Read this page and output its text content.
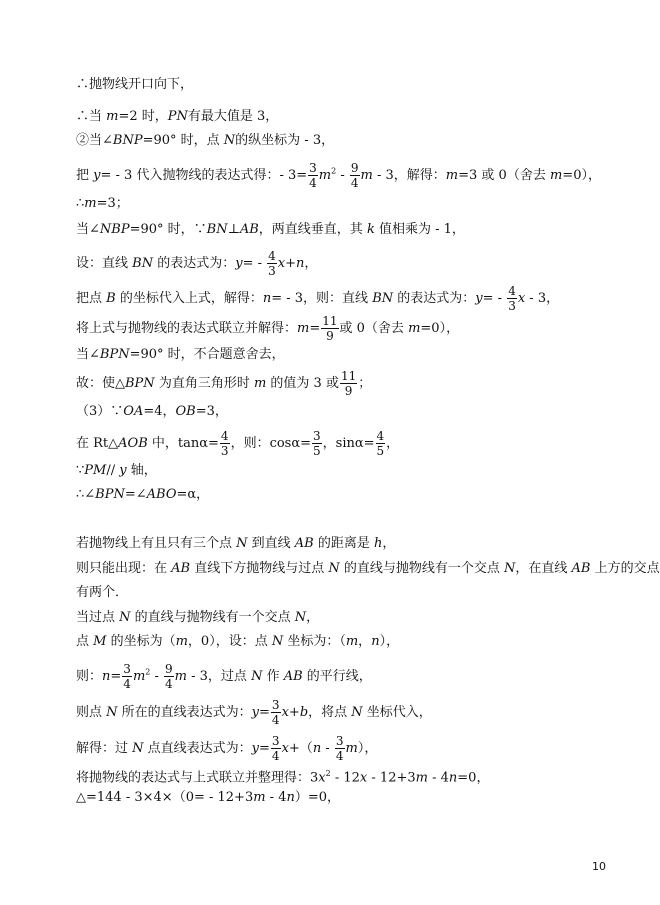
∴抛物线开口向下，
∴当 m=2 时，PN有最大值是 3，
②当∠BNP=90° 时，点 N的纵坐标为 - 3，
把 y= - 3 代入抛物线的表达式得：- $3= \frac{3}{4} m^2 - \frac{9}{4}$ m - 3，解得：m=3 或 0（舍去 m=0），
∴m=3；
当∠NBP=90° 时，∵BN⊥AB，两直线垂直，其 k 值相乘为 - 1，
设：直线 BN 的表达式为：$y= - \frac{4}{3} x+n$，
把点 B 的坐标代入上式，解得：n= - 3，则：直线 BN 的表达式为：$y= - \frac{4}{3}$ x - 3，
将上式与抛物线的表达式联立并解得：$m= \frac{11}{9}$ 或 0（舍去 m=0），
当∠BPN=90° 时，不合题意舍去，
故：使△BPN 为直角三角形时 m 的值为 3 或 $\frac{11}{9}$ ；
（3）∵OA=4，OB=3，
在 Rt△AOB 中，$\tan\alpha= \frac{4}{3}$ ，则：$\cos\alpha= \frac{3}{5}$ ，$\sin\alpha= \frac{4}{5}$ ，
∵PM// y 轴，
∴∠BPN=∠ABO=α，
若抛物线上有且只有三个点 N 到直线 AB 的距离是 h，
则只能出现：在 AB 直线下方抛物线与过点 N 的直线与抛物线有一个交点 N，在直线 AB 上方的交点
有两个．
当过点 N 的直线与抛物线有一个交点 N，
点 M 的坐标为（m，0），设：点 N 坐标为：（m，n），
则：$n= \frac{3}{4} m^2 - \frac{9}{4}$ m - 3，过点 N 作 AB 的平行线，
则点 N 所在的直线表达式为：$y= \frac{3}{4} x+b$，将点 N 坐标代入，
解得：过 N 点直线表达式为：$y= \frac{3}{4} x+(n - \frac{3}{4} m)$，
将抛物线的表达式与上式联立并整理得：$3x^2 - 12x - 12+3m - 4n=0$，
△=144 - 3×4×（0= - 12+3m - 4n）=0，
10
